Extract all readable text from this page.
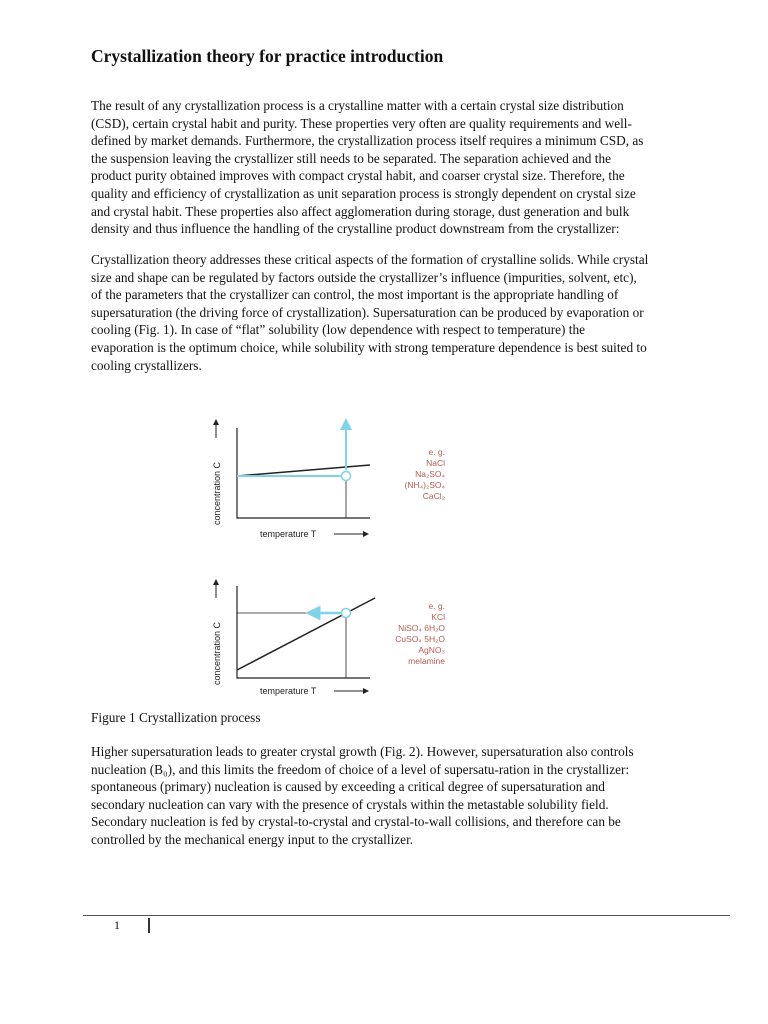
Crystallization theory for practice introduction
The result of any crystallization process is a crystalline matter with a certain crystal size distribution
(CSD), certain crystal habit and purity. These properties very often are quality requirements and well-
defined by market demands. Furthermore, the crystallization process itself requires a minimum CSD, as
the suspension leaving the crystallizer still needs to be separated. The separation achieved and the
product purity obtained improves with compact crystal habit, and coarser crystal size. Therefore, the
quality and efficiency of crystallization as unit separation process is strongly dependent on crystal size
and crystal habit. These properties also affect agglomeration during storage, dust generation and bulk
density and thus influence the handling of the crystalline product downstream from the crystallizer:
Crystallization theory addresses these critical aspects of the formation of crystalline solids. While crystal
size and shape can be regulated by factors outside the crystallizer’s influence (impurities, solvent, etc),
of the parameters that the crystallizer can control, the most important is the appropriate handling of
supersaturation (the driving force of crystallization). Supersaturation can be produced by evaporation or
cooling (Fig. 1). In case of “flat” solubility (low dependence with respect to temperature) the
evaporation is the optimum choice, while solubility with strong temperature dependence is best suited to
cooling crystallizers.
concentration C
temperature T
concentration C
temperature T
e. g.
NaCl
Na₂SO₄
(NH₄)₂SO₄
CaCl₂
e. g.
KCl
NiSO₄ 6H₂O
CuSO₄ 5H₂O
AgNO₃
melamine

Figure 1 Crystallization process

Higher supersaturation leads to greater crystal growth (Fig. 2). However, supersaturation also controls
nucleation (B₀), and this limits the freedom of choice of a level of supersatu-ration in the crystallizer:
spontaneous (primary) nucleation is caused by exceeding a critical degree of supersaturation and
secondary nucleation can vary with the presence of crystals within the metastable solubility field.
Secondary nucleation is fed by crystal-to-crystal and crystal-to-wall collisions, and therefore can be
controlled by the mechanical energy input to the crystallizer.
1
